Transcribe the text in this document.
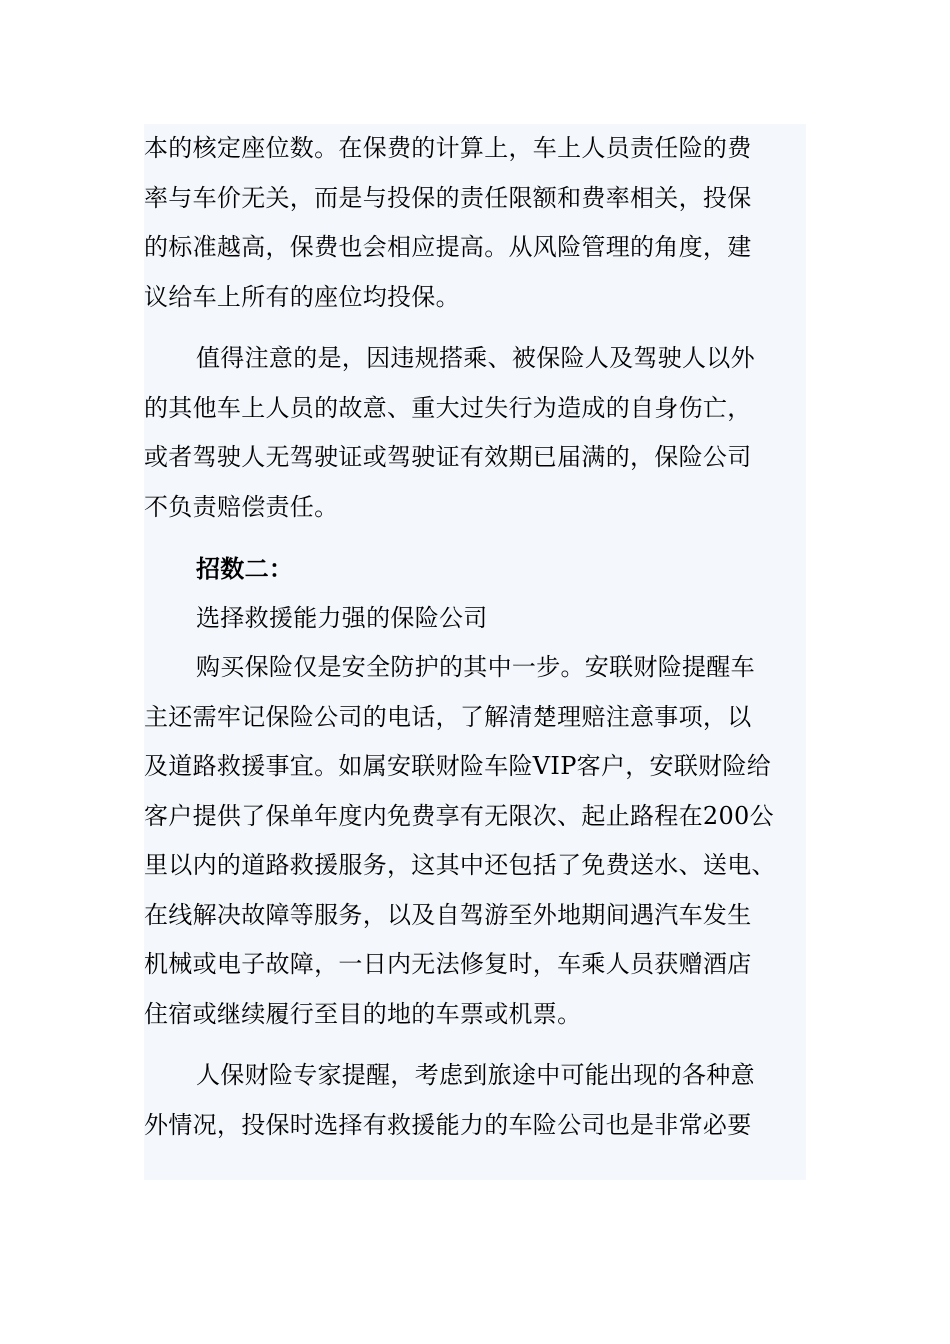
本的核定座位数。在保费的计算上，车上人员责任险的费
率与车价无关，而是与投保的责任限额和费率相关，投保
的标准越高，保费也会相应提高。从风险管理的角度，建
议给车上所有的座位均投保。

值得注意的是，因违规搭乘、被保险人及驾驶人以外
的其他车上人员的故意、重大过失行为造成的自身伤亡，
或者驾驶人无驾驶证或驾驶证有效期已届满的，保险公司
不负责赔偿责任。

招数二：

选择救援能力强的保险公司

购买保险仅是安全防护的其中一步。安联财险提醒车
主还需牢记保险公司的电话，了解清楚理赔注意事项，以
及道路救援事宜。如属安联财险车险VIP客户，安联财险给
客户提供了保单年度内免费享有无限次、起止路程在200公
里以内的道路救援服务，这其中还包括了免费送水、送电、
在线解决故障等服务，以及自驾游至外地期间遇汽车发生
机械或电子故障，一日内无法修复时，车乘人员获赠酒店
住宿或继续履行至目的地的车票或机票。

人保财险专家提醒，考虑到旅途中可能出现的各种意
外情况，投保时选择有救援能力的车险公司也是非常必要
